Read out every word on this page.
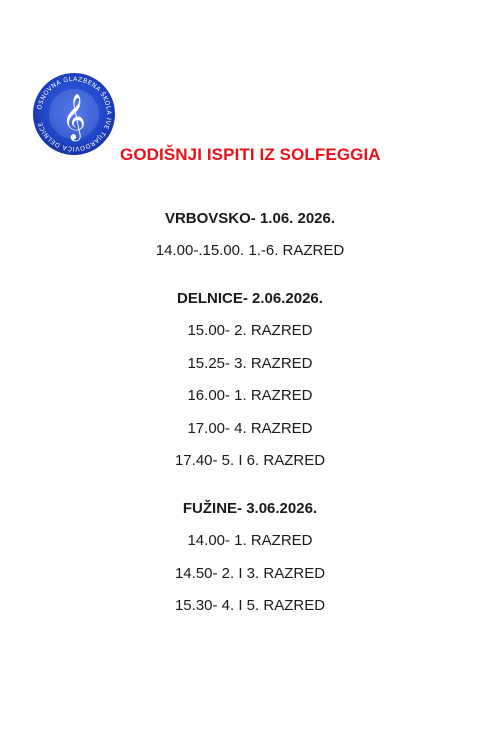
OSNOVNA GLAZBENA ŠKOLA IVE TIJARDOVIĆA DELNICE 𝄞
GODIŠNJI ISPITI IZ SOLFEGGIA
VRBOVSKO- 1.06. 2026.
14.00-.15.00. 1.-6. RAZRED
DELNICE- 2.06.2026.
15.00- 2. RAZRED
15.25- 3. RAZRED
16.00- 1. RAZRED
17.00- 4. RAZRED
17.40- 5. I 6. RAZRED
FUŽINE- 3.06.2026.
14.00- 1. RAZRED
14.50- 2. I 3. RAZRED
15.30- 4. I 5. RAZRED
